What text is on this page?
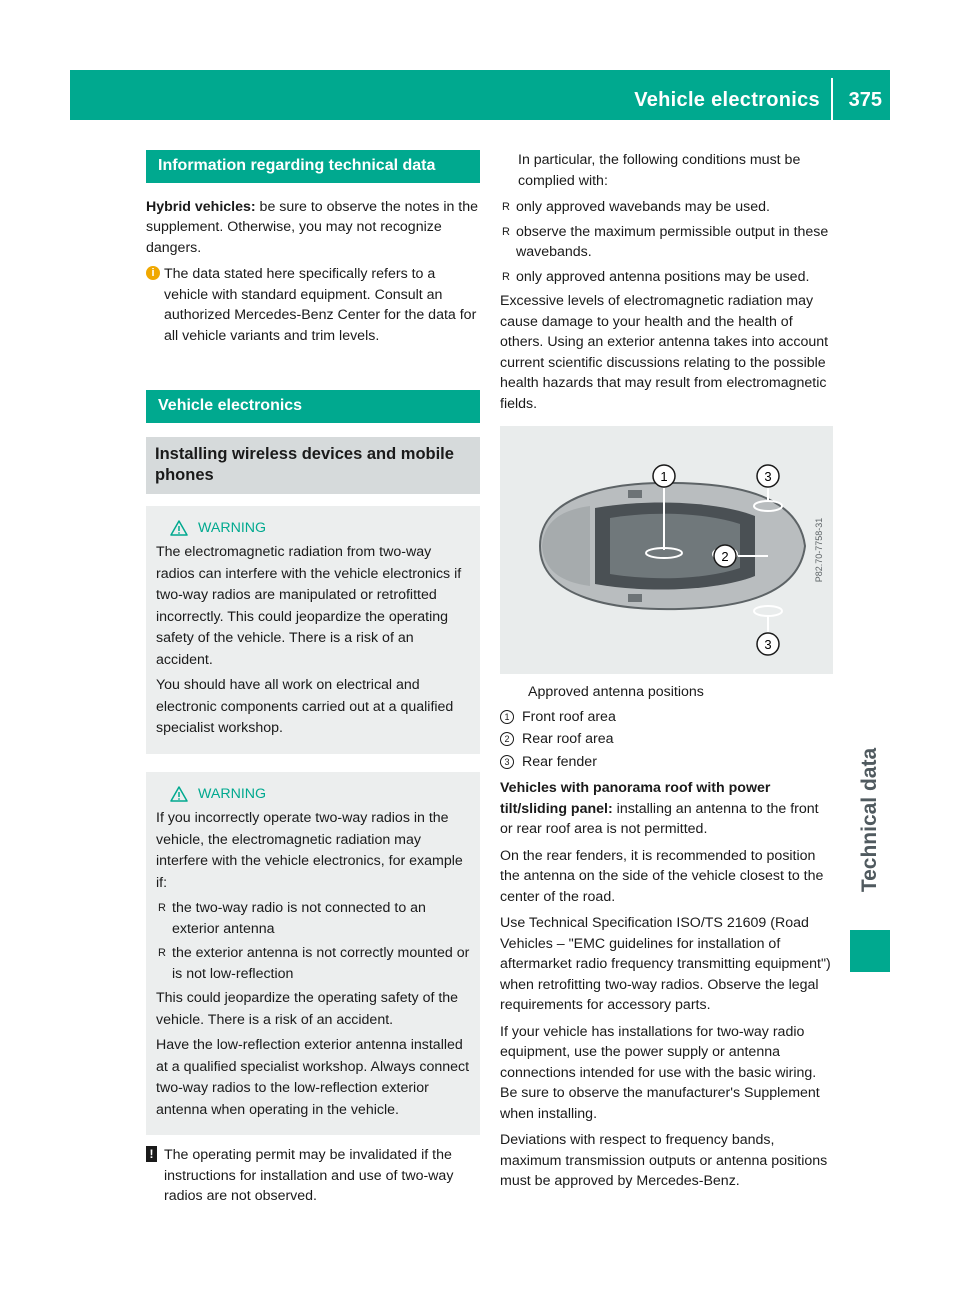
Vehicle electronics 375
Technical data
Information regarding technical data

Hybrid vehicles: be sure to observe the notes in the supplement. Otherwise, you may not recognize dangers.

i The data stated here specifically refers to a vehicle with standard equipment. Consult an authorized Mercedes-Benz Center for the data for all vehicle variants and trim levels.

Vehicle electronics
Installing wireless devices and mobile phones
WARNING

The electromagnetic radiation from two-way radios can interfere with the vehicle electronics if two-way radios are manipulated or retrofitted incorrectly. This could jeopardize the operating safety of the vehicle. There is a risk of an accident.

You should have all work on electrical and electronic components carried out at a qualified specialist workshop.

WARNING

If you incorrectly operate two-way radios in the vehicle, the electromagnetic radiation may interfere with the vehicle electronics, for example if:

R the two-way radio is not connected to an exterior antenna
R the exterior antenna is not correctly mounted or is not low-reflection

This could jeopardize the operating safety of the vehicle. There is a risk of an accident.

Have the low-reflection exterior antenna installed at a qualified specialist workshop. Always connect two-way radios to the low-reflection exterior antenna when operating in the vehicle.

! The operating permit may be invalidated if the instructions for installation and use of two-way radios are not observed.

In particular, the following conditions must be complied with:

R only approved wavebands may be used.
R observe the maximum permissible output in these wavebands.
R only approved antenna positions may be used.

Excessive levels of electromagnetic radiation may cause damage to your health and the health of others. Using an exterior antenna takes into account current scientific discussions relating to the possible health hazards that may result from electromagnetic fields.

1
2
3
3
P82.70-7758-31

Approved antenna positions

1 Front roof area
2 Rear roof area
3 Rear fender

Vehicles with panorama roof with power tilt/sliding panel: installing an antenna to the front or rear roof area is not permitted.

On the rear fenders, it is recommended to position the antenna on the side of the vehicle closest to the center of the road.

Use Technical Specification ISO/TS 21609 (Road Vehicles – "EMC guidelines for installation of aftermarket radio frequency transmitting equipment") when retrofitting two-way radios. Observe the legal requirements for accessory parts.

If your vehicle has installations for two-way radio equipment, use the power supply or antenna connections intended for use with the basic wiring. Be sure to observe the manufacturer's Supplement when installing.

Deviations with respect to frequency bands, maximum transmission outputs or antenna positions must be approved by Mercedes-Benz.
